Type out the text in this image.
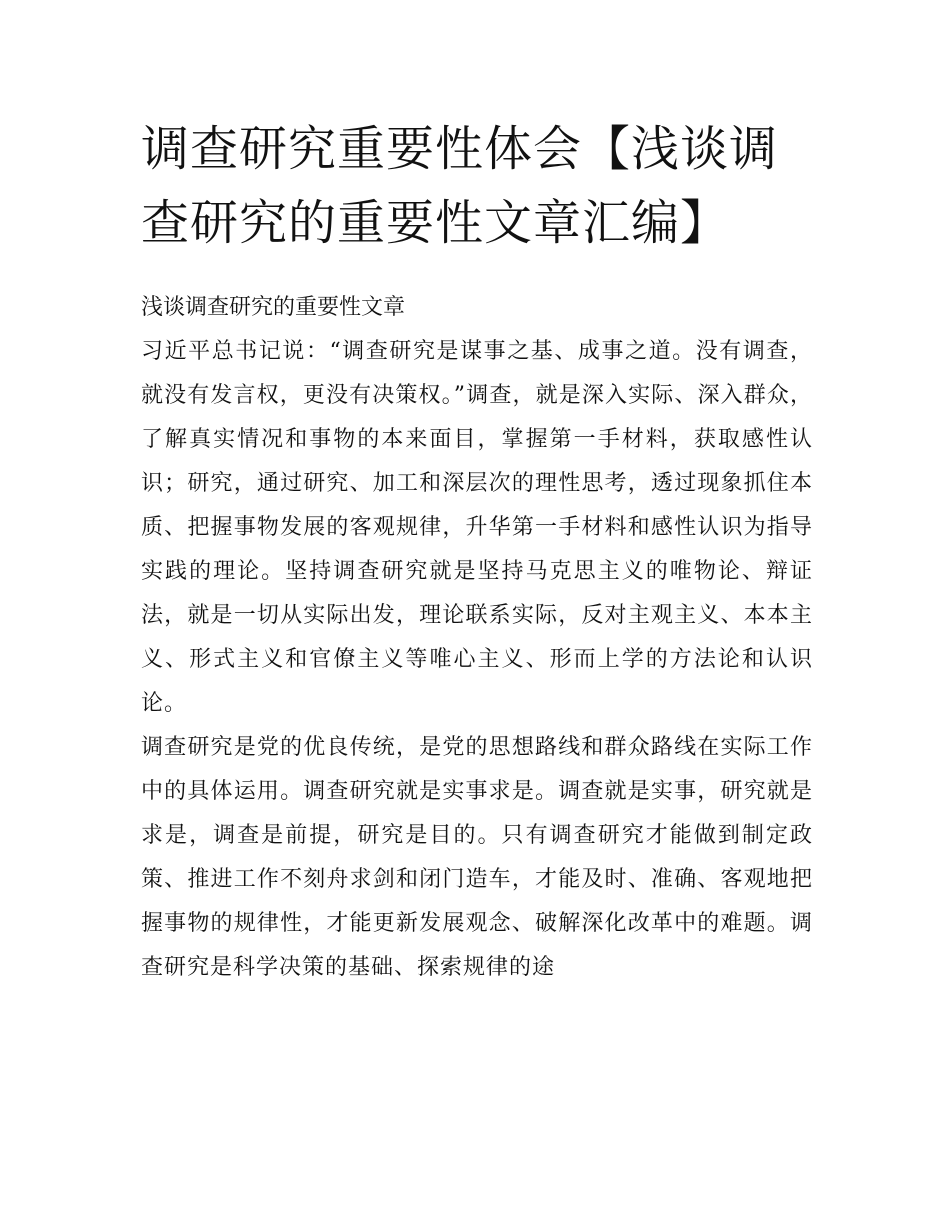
调查研究重要性体会【浅谈调查研究的重要性文章汇编】

浅谈调查研究的重要性文章

习近平总书记说：“调查研究是谋事之基、成事之道。没有调查，就没有发言权，更没有决策权。”调查，就是深入实际、深入群众，了解真实情况和事物的本来面目，掌握第一手材料，获取感性认识；研究，通过研究、加工和深层次的理性思考，透过现象抓住本质、把握事物发展的客观规律，升华第一手材料和感性认识为指导实践的理论。坚持调查研究就是坚持马克思主义的唯物论、辩证法，就是一切从实际出发，理论联系实际，反对主观主义、本本主义、形式主义和官僚主义等唯心主义、形而上学的方法论和认识论。

调查研究是党的优良传统，是党的思想路线和群众路线在实际工作中的具体运用。调查研究就是实事求是。调查就是实事，研究就是求是，调查是前提，研究是目的。只有调查研究才能做到制定政策、推进工作不刻舟求剑和闭门造车，才能及时、准确、客观地把握事物的规律性，才能更新发展观念、破解深化改革中的难题。调查研究是科学决策的基础、探索规律的途
